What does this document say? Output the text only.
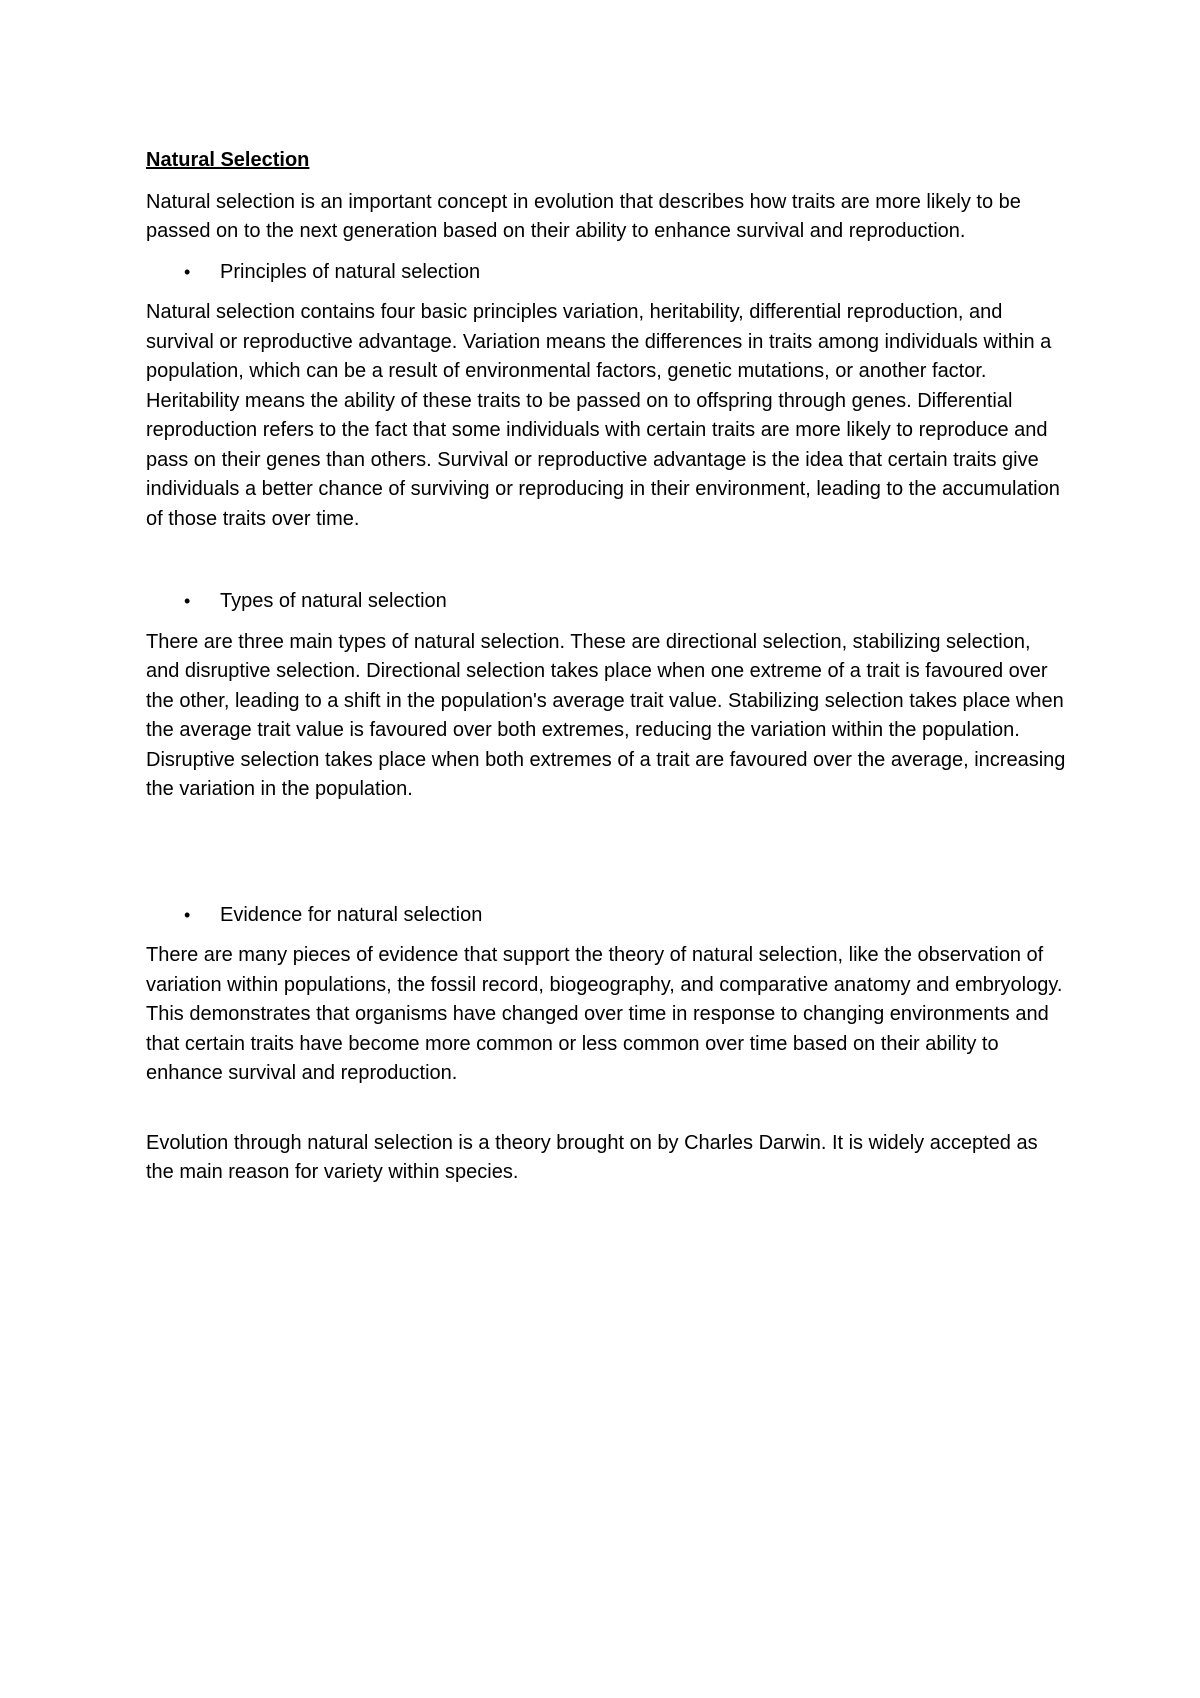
Natural Selection

Natural selection is an important concept in evolution that describes how traits are more likely to be passed on to the next generation based on their ability to enhance survival and reproduction.

• Principles of natural selection

Natural selection contains four basic principles variation, heritability, differential reproduction, and survival or reproductive advantage. Variation means the differences in traits among individuals within a population, which can be a result of environmental factors, genetic mutations, or another factor. Heritability means the ability of these traits to be passed on to offspring through genes. Differential reproduction refers to the fact that some individuals with certain traits are more likely to reproduce and pass on their genes than others. Survival or reproductive advantage is the idea that certain traits give individuals a better chance of surviving or reproducing in their environment, leading to the accumulation of those traits over time.

• Types of natural selection

There are three main types of natural selection. These are directional selection, stabilizing selection, and disruptive selection. Directional selection takes place when one extreme of a trait is favoured over the other, leading to a shift in the population's average trait value. Stabilizing selection takes place when the average trait value is favoured over both extremes, reducing the variation within the population. Disruptive selection takes place when both extremes of a trait are favoured over the average, increasing the variation in the population.

• Evidence for natural selection

There are many pieces of evidence that support the theory of natural selection, like the observation of variation within populations, the fossil record, biogeography, and comparative anatomy and embryology. This demonstrates that organisms have changed over time in response to changing environments and that certain traits have become more common or less common over time based on their ability to enhance survival and reproduction.

Evolution through natural selection is a theory brought on by Charles Darwin. It is widely accepted as the main reason for variety within species.
